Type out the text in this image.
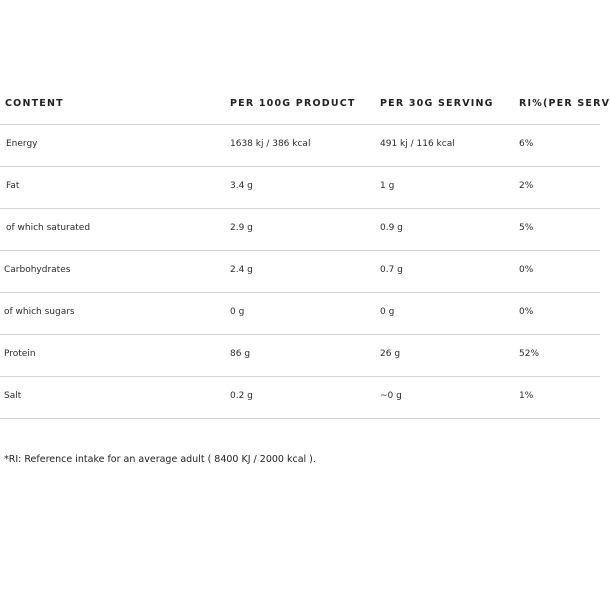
CONTENT	PER 100G PRODUCT	PER 30G SERVING	RI%(PER SERV
Energy	1638 kj / 386 kcal	491 kj / 116 kcal	6%
Fat	3.4 g	1 g	2%
of which saturated	2.9 g	0.9 g	5%
Carbohydrates	2.4 g	0.7 g	0%
of which sugars	0 g	0 g	0%
Protein	86 g	26 g	52%
Salt	0.2 g	~0 g	1%
*RI: Reference intake for an average adult ( 8400 KJ / 2000 kcal ).
